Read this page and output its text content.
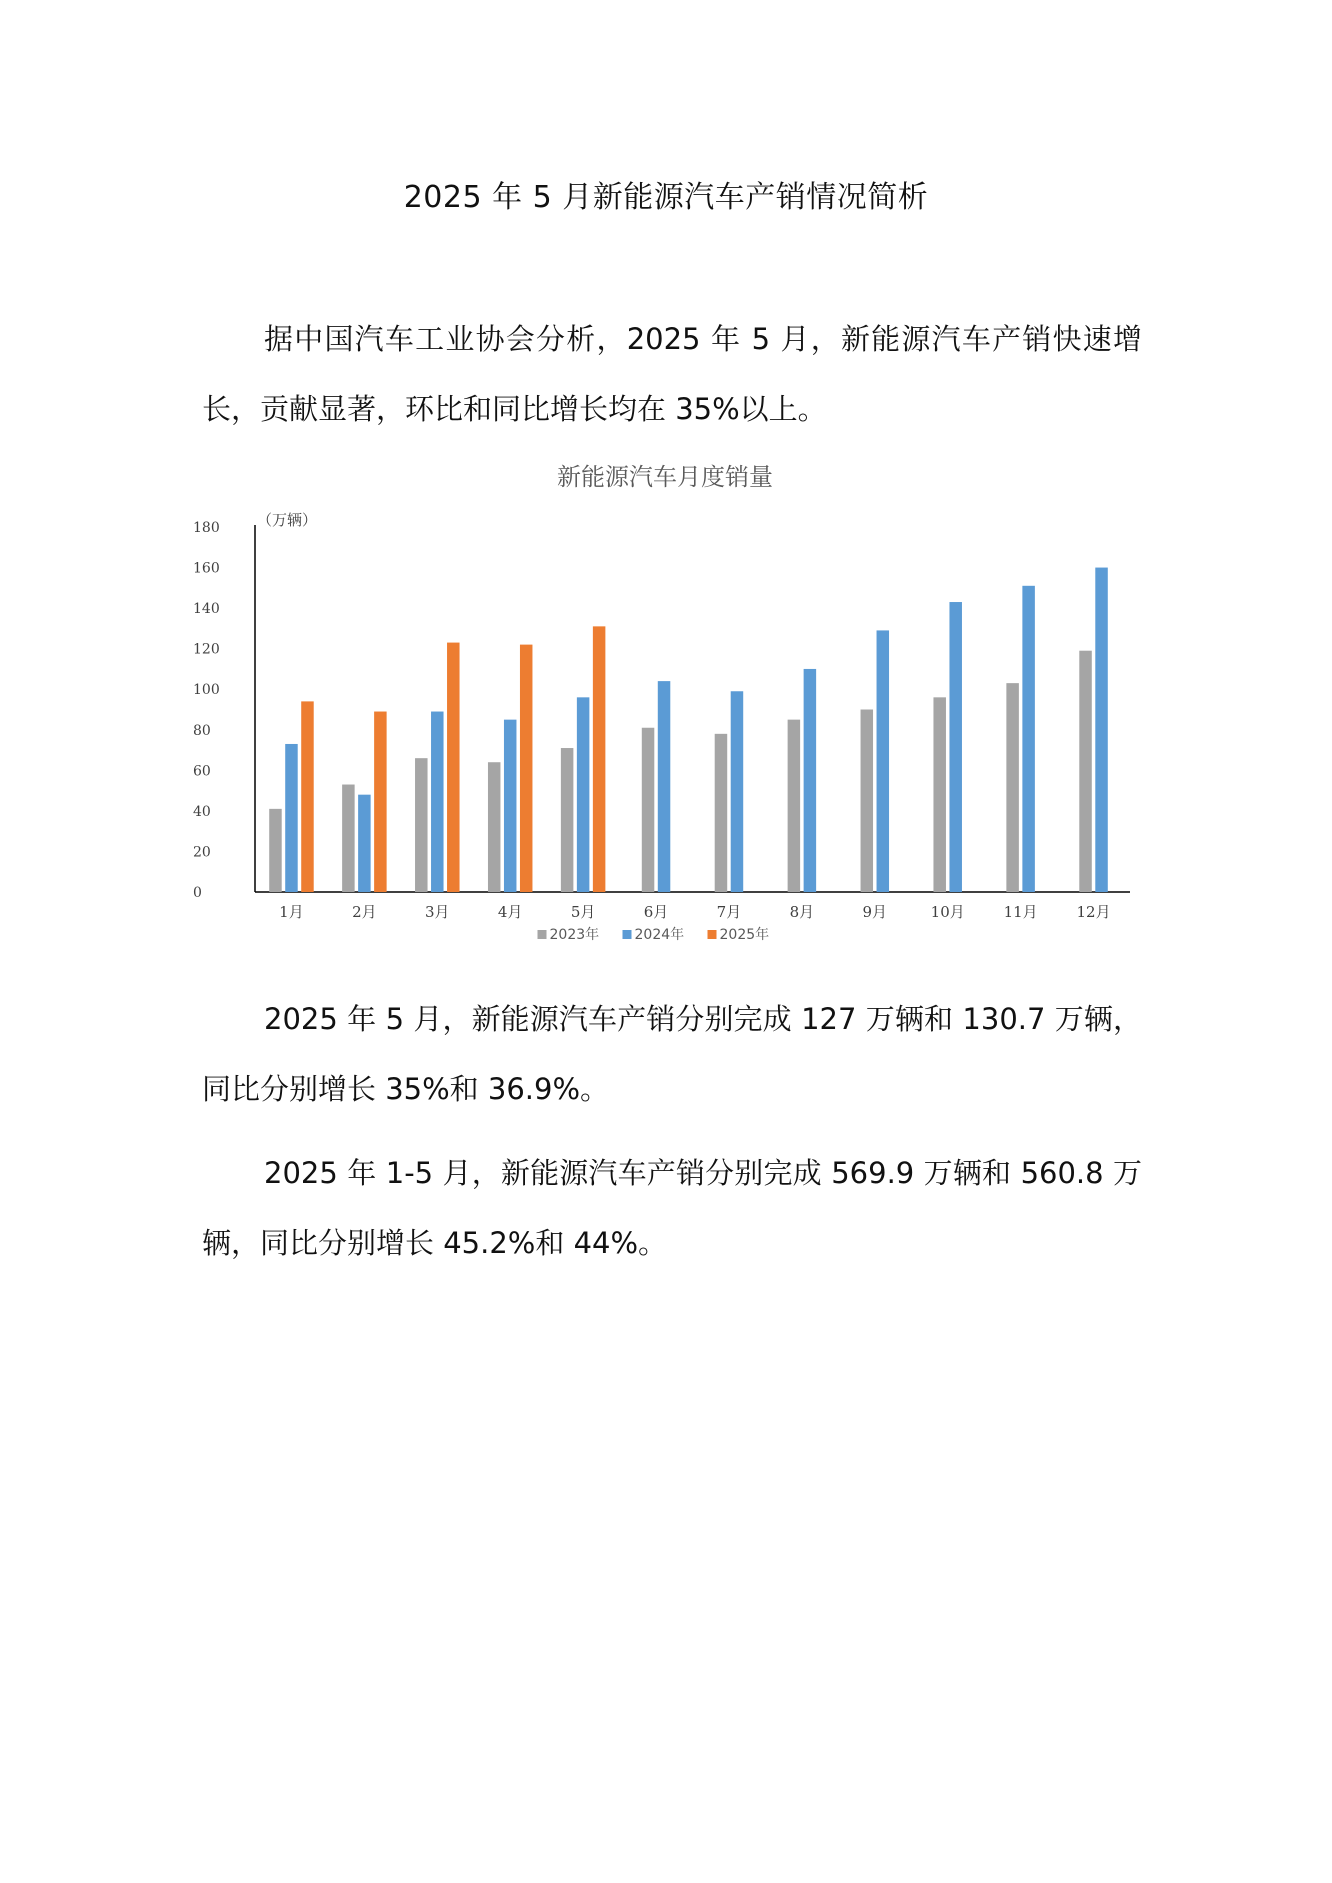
2025 年 5 月新能源汽车产销情况简析

据中国汽车工业协会分析，2025 年 5 月，新能源汽车产销快速增长，贡献显著，环比和同比增长均在 35%以上。

新能源汽车月度销量
（万辆）
0
20
40
60
80
100
120
140
160
180
1月	2月	3月	4月	5月	6月	7月	8月	9月	10月	11月	12月
2023年	2024年	2025年

2025 年 5 月，新能源汽车产销分别完成 127 万辆和 130.7 万辆，同比分别增长 35%和 36.9%。

2025 年 1-5 月，新能源汽车产销分别完成 569.9 万辆和 560.8 万辆，同比分别增长 45.2%和 44%。
